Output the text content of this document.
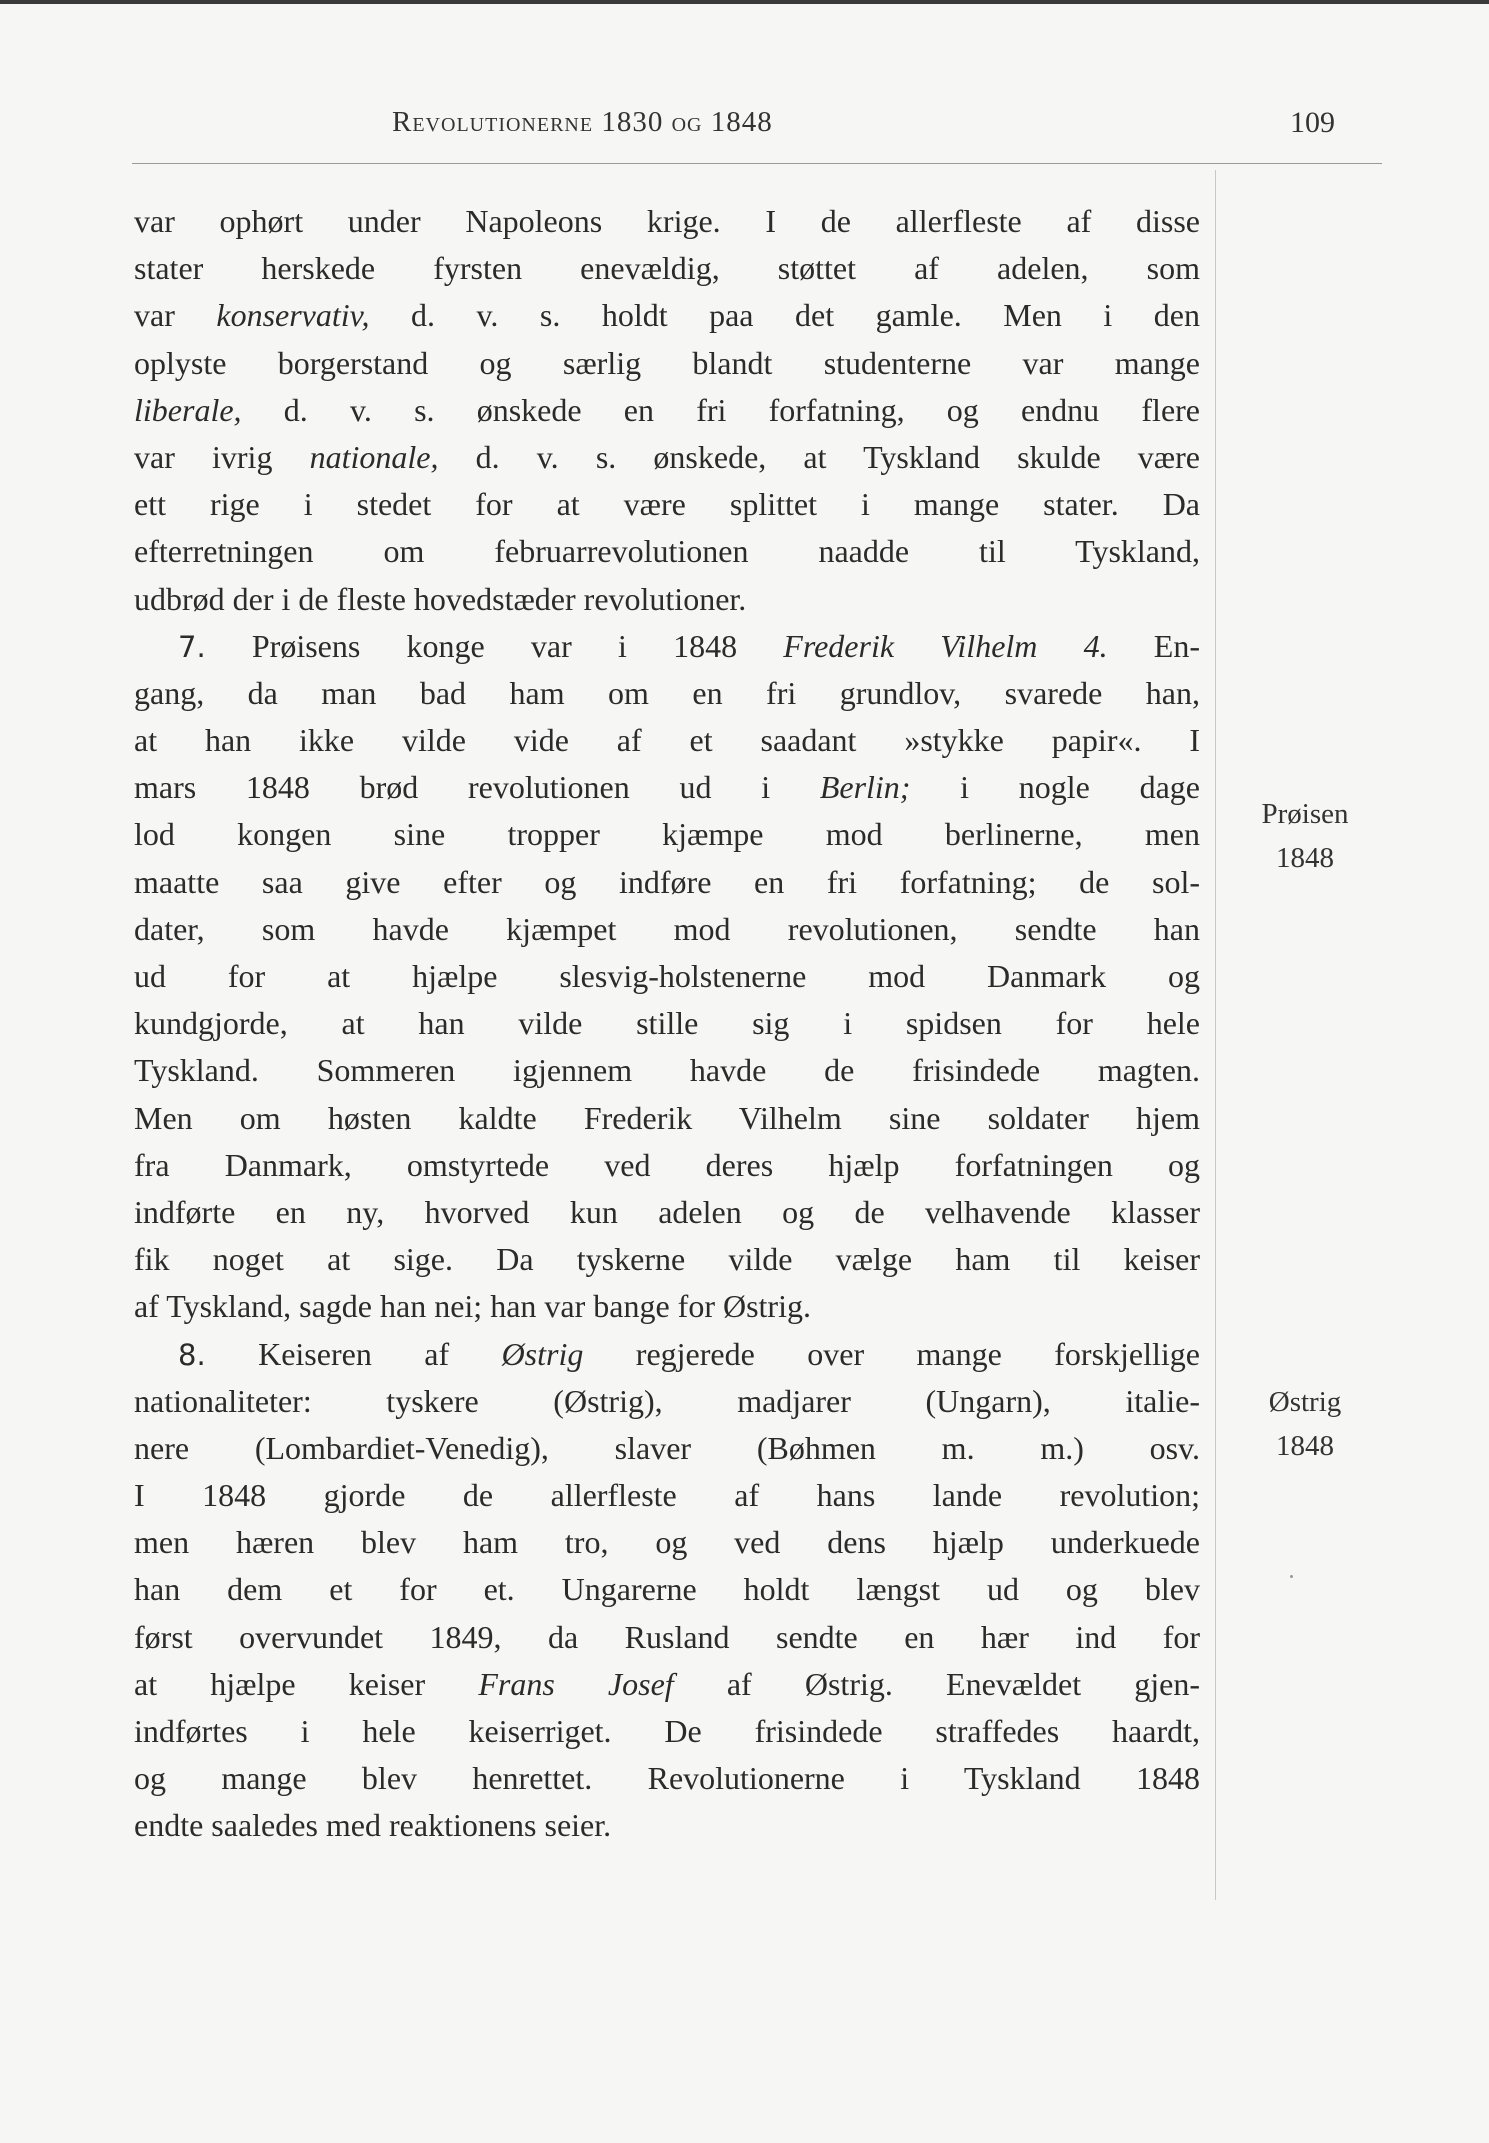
Revolutionerne 1830 og 1848	109
var ophørt under Napoleons krige. I de allerfleste af disse
stater herskede fyrsten enevældig, støttet af adelen, som
var konservativ, d. v. s. holdt paa det gamle. Men i den
oplyste borgerstand og særlig blandt studenterne var mange
liberale, d. v. s. ønskede en fri forfatning, og endnu flere
var ivrig nationale, d. v. s. ønskede, at Tyskland skulde være
ett rige i stedet for at være splittet i mange stater. Da
efterretningen om februarrevolutionen naadde til Tyskland,
udbrød der i de fleste hovedstæder revolutioner.
7. Prøisens konge var i 1848 Frederik Vilhelm 4. En-
gang, da man bad ham om en fri grundlov, svarede han,
at han ikke vilde vide af et saadant »stykke papir«. I
mars 1848 brød revolutionen ud i Berlin; i nogle dage
lod kongen sine tropper kjæmpe mod berlinerne, men
maatte saa give efter og indføre en fri forfatning; de sol-
dater, som havde kjæmpet mod revolutionen, sendte han
ud for at hjælpe slesvig-holstenerne mod Danmark og
kundgjorde, at han vilde stille sig i spidsen for hele
Tyskland. Sommeren igjennem havde de frisindede magten.
Men om høsten kaldte Frederik Vilhelm sine soldater hjem
fra Danmark, omstyrtede ved deres hjælp forfatningen og
indførte en ny, hvorved kun adelen og de velhavende klasser
fik noget at sige. Da tyskerne vilde vælge ham til keiser
af Tyskland, sagde han nei; han var bange for Østrig.
8. Keiseren af Østrig regjerede over mange forskjellige
nationaliteter: tyskere (Østrig), madjarer (Ungarn), italie-
nere (Lombardiet-Venedig), slaver (Bøhmen m. m.) osv.
I 1848 gjorde de allerfleste af hans lande revolution;
men hæren blev ham tro, og ved dens hjælp underkuede
han dem et for et. Ungarerne holdt længst ud og blev
først overvundet 1849, da Rusland sendte en hær ind for
at hjælpe keiser Frans Josef af Østrig. Enevældet gjen-
indførtes i hele keiserriget. De frisindede straffedes haardt,
og mange blev henrettet. Revolutionerne i Tyskland 1848
endte saaledes med reaktionens seier.
Prøisen
1848
Østrig
1848
